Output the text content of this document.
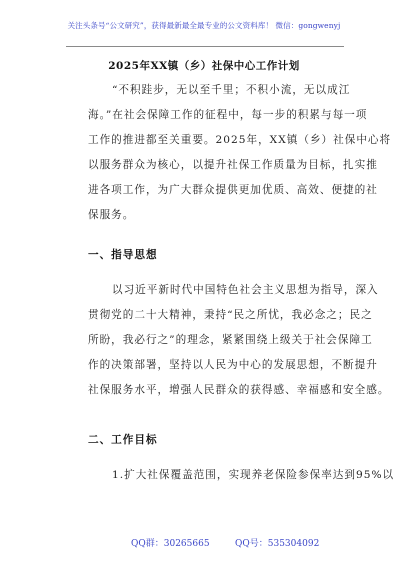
关注头条号“公文研究”，获得最新最全最专业的公文资料库！ 微信：gongwenyj
2025年XX镇（乡）社保中心工作计划
“不积跬步，无以至千里；不积小流，无以成江
海。”在社会保障工作的征程中，每一步的积累与每一项
工作的推进都至关重要。2025年，XX镇（乡）社保中心将
以服务群众为核心，以提升社保工作质量为目标，扎实推
进各项工作，为广大群众提供更加优质、高效、便捷的社
保服务。
一、指导思想
以习近平新时代中国特色社会主义思想为指导，深入
贯彻党的二十大精神，秉持“民之所忧，我必念之；民之
所盼，我必行之”的理念，紧紧围绕上级关于社会保障工
作的决策部署，坚持以人民为中心的发展思想，不断提升
社保服务水平，增强人民群众的获得感、幸福感和安全感。
二、工作目标
1.扩大社保覆盖范围，实现养老保险参保率达到95%以
QQ群：30265665	QQ号：535304092
